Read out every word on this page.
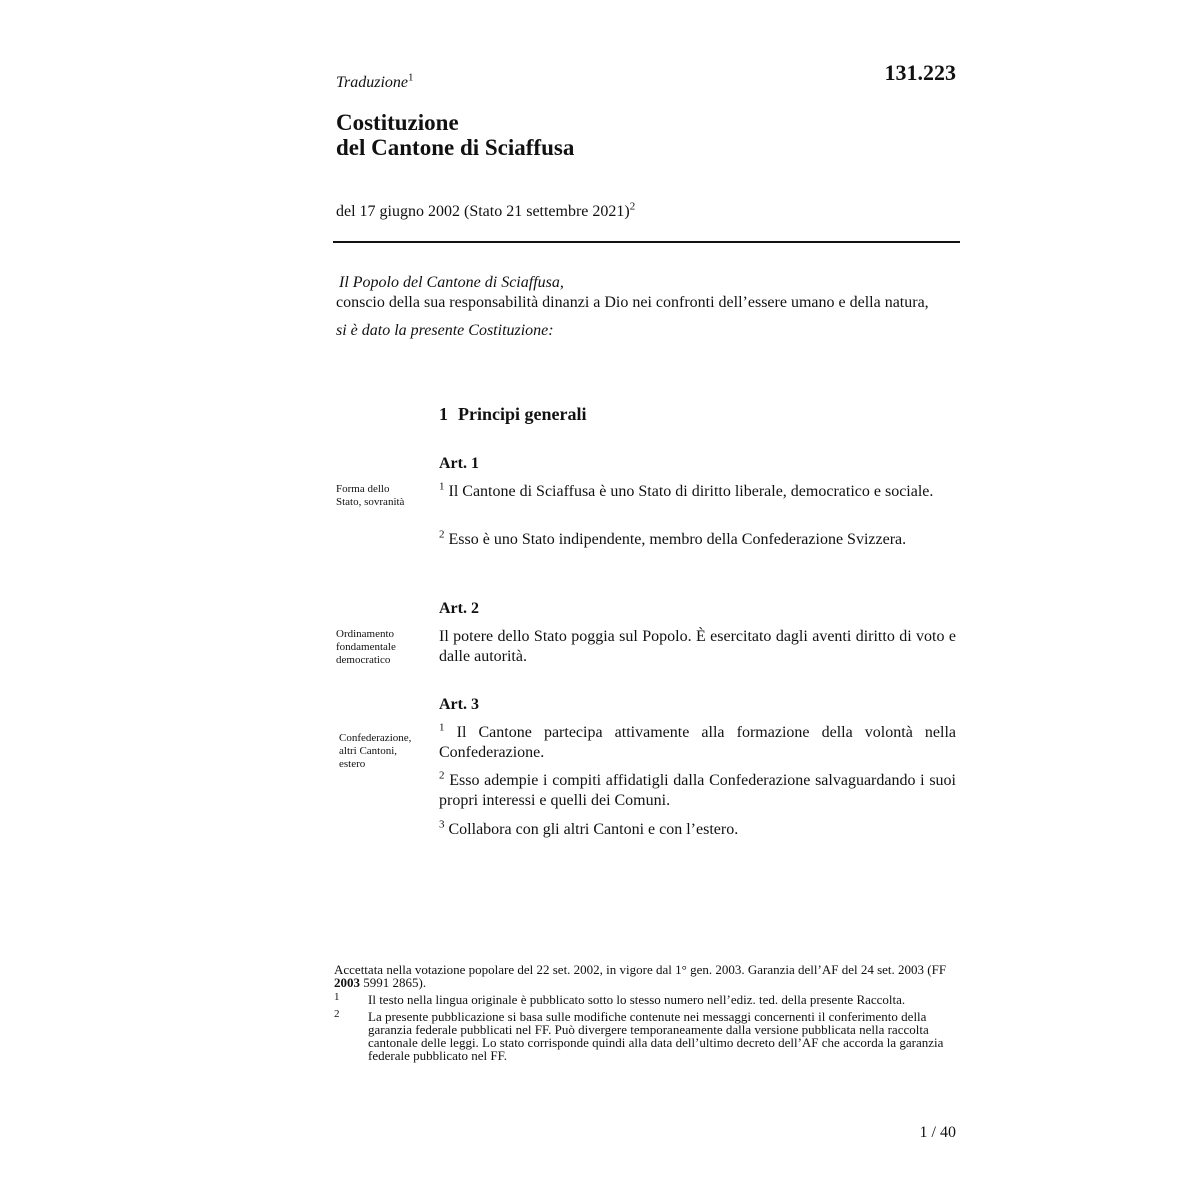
Traduzione$^1$	131.223
Costituzione
del Cantone di Sciaffusa
del 17 giugno 2002 (Stato 21 settembre 2021)$^2$

Il Popolo del Cantone di Sciaffusa,

conscio della sua responsabilità dinanzi a Dio nei confronti dell’essere umano e della natura,

si è dato la presente Costituzione:

1 Principi generali
Art. 1
Forma dello
Stato, sovranità

$^1$ Il Cantone di Sciaffusa è uno Stato di diritto liberale, democratico e sociale.

$^2$ Esso è uno Stato indipendente, membro della Confederazione Svizzera.

Art. 2
Ordinamento
fondamentale
democratico

Il potere dello Stato poggia sul Popolo. È esercitato dagli aventi diritto di voto e dalle autorità.

Art. 3
Confederazione,
altri Cantoni,
estero

$^1$ Il Cantone partecipa attivamente alla formazione della volontà nella Confederazione.

$^2$ Esso adempie i compiti affidatigli dalla Confederazione salvaguardando i suoi propri interessi e quelli dei Comuni.

$^3$ Collabora con gli altri Cantoni e con l’estero.

Accettata nella votazione popolare del 22 set. 2002, in vigore dal 1° gen. 2003. Garanzia dell’AF del 24 set. 2003 (FF 2003 5991 2865).

1 Il testo nella lingua originale è pubblicato sotto lo stesso numero nell’ediz. ted. della presente Raccolta.
2 La presente pubblicazione si basa sulle modifiche contenute nei messaggi concernenti il conferimento della garanzia federale pubblicati nel FF. Può divergere temporaneamente dalla versione pubblicata nella raccolta cantonale delle leggi. Lo stato corrisponde quindi alla data dell’ultimo decreto dell’AF che accorda la garanzia federale pubblicato nel FF.
1 / 40
